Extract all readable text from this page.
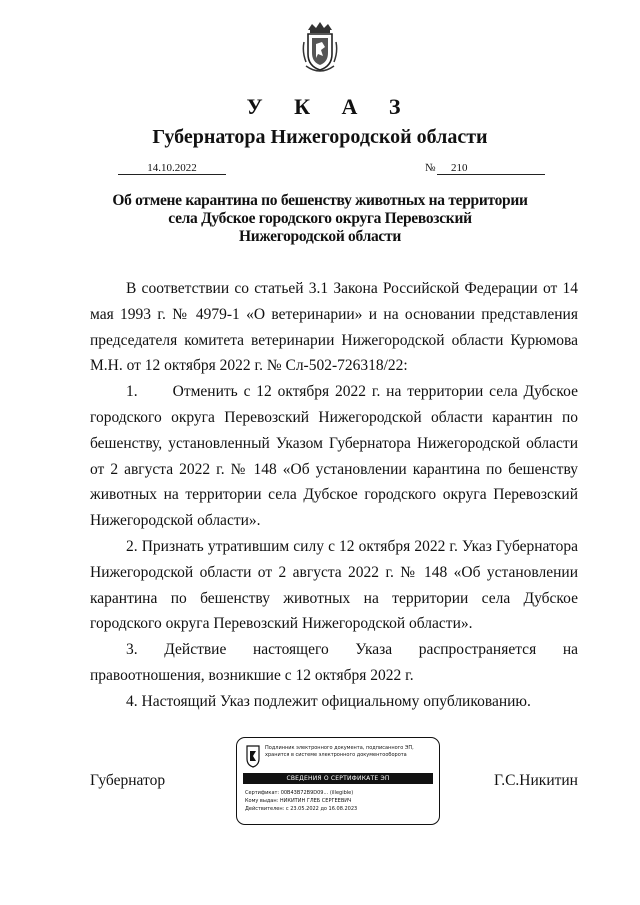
У К А З
Губернатора Нижегородской области
14.10.2022	№	210
Об отмене карантина по бешенству животных на территории
села Дубское городского округа Перевозский
Нижегородской области

В соответствии со статьей 3.1 Закона Российской Федерации от 14 мая 1993 г. № 4979-1 «О ветеринарии» и на основании представления председателя комитета ветеринарии Нижегородской области Курюмова М.Н. от 12 октября 2022 г. № Сл-502-726318/22:

1.      Отменить с 12 октября 2022 г. на территории села Дубское городского округа Перевозский Нижегородской области карантин по бешенству, установленный Указом Губернатора Нижегородской области от 2 августа 2022 г. № 148 «Об установлении карантина по бешенству животных на территории села Дубское городского округа Перевозский Нижегородской области».

2. Признать утратившим силу с 12 октября 2022 г. Указ Губернатора Нижегородской области от 2 августа 2022 г. № 148 «Об установлении карантина по бешенству животных на территории села Дубское городского округа Перевозский Нижегородской области».

3. Действие настоящего Указа распространяется на правоотношения, возникшие с 12 октября 2022 г.

4. Настоящий Указ подлежит официальному опубликованию.

Губернатор
Подлинник электронного документа, подписанного ЭП, хранится в системе электронного документооборота
СВЕДЕНИЯ О СЕРТИФИКАТЕ ЭП
Сертификат: 00B43B72B9D09... (illegible)
Кому выдан: НИКИТИН ГЛЕБ СЕРГЕЕВИЧ
Действителен: с 23.05.2022 до 16.08.2023
Г.С.Никитин
